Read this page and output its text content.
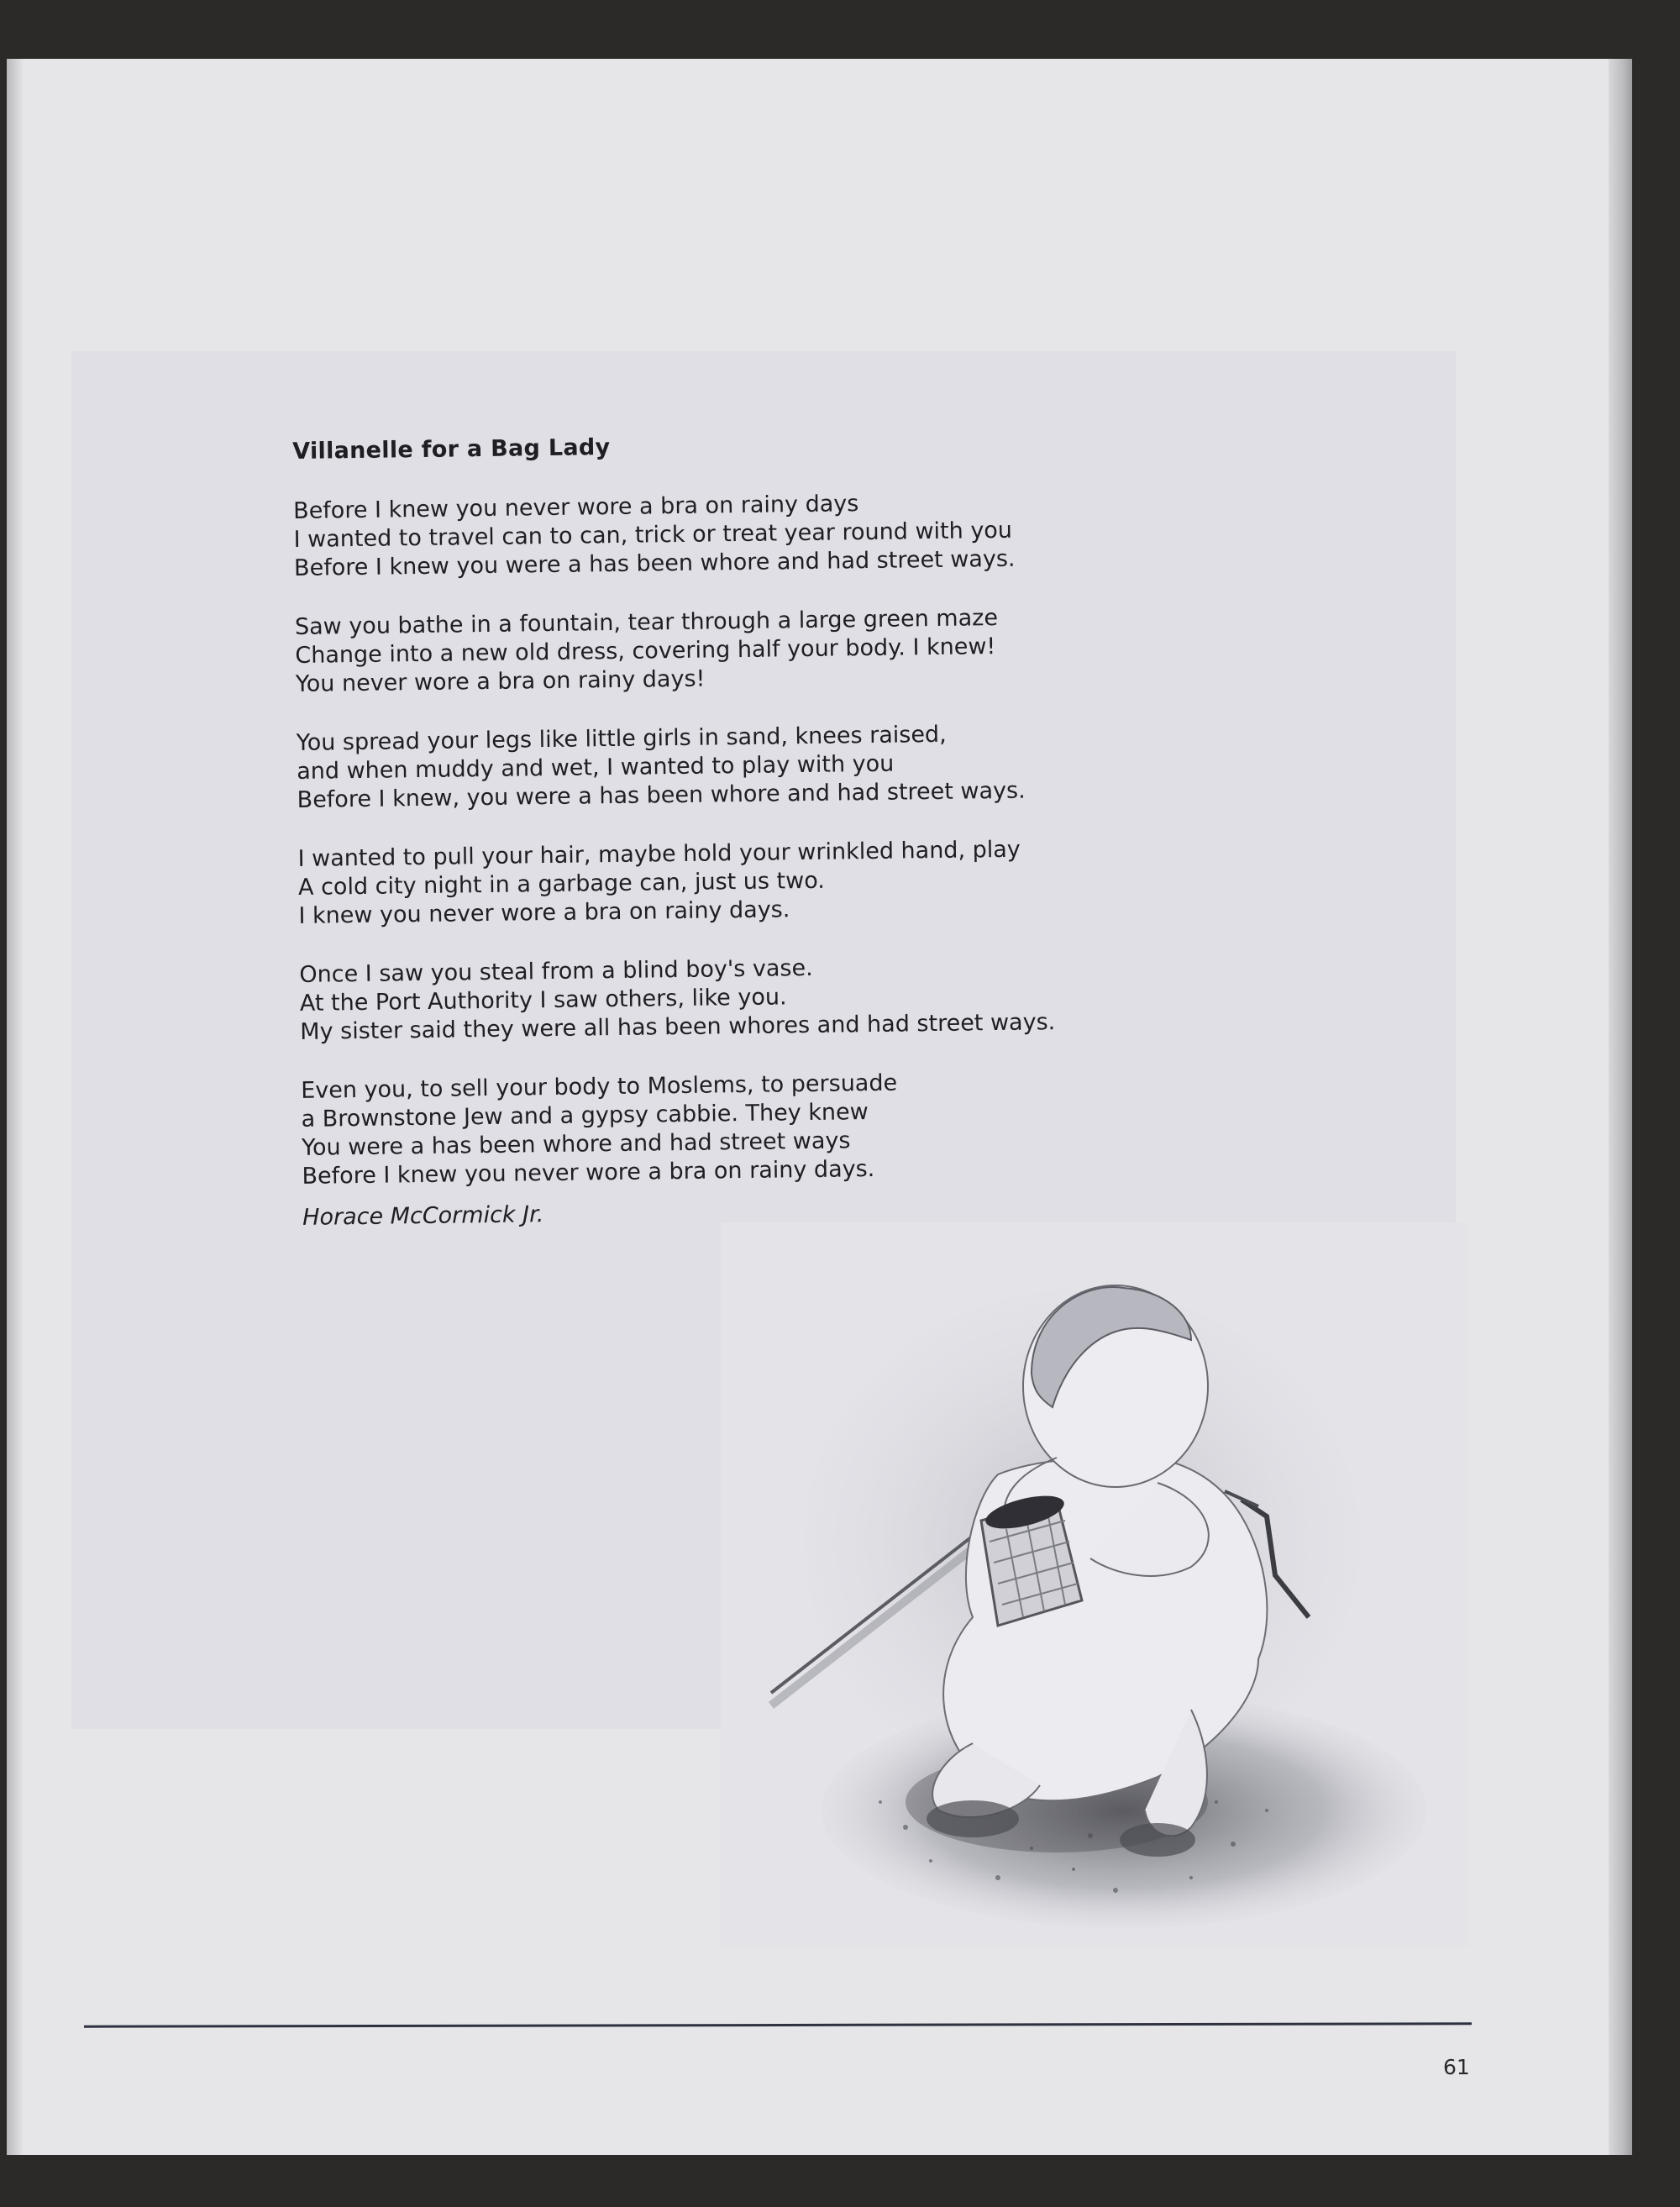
Villanelle for a Bag Lady
Before I knew you never wore a bra on rainy days
I wanted to travel can to can, trick or treat year round with you
Before I knew you were a has been whore and had street ways.
Saw you bathe in a fountain, tear through a large green maze
Change into a new old dress, covering half your body. I knew!
You never wore a bra on rainy days!
You spread your legs like little girls in sand, knees raised,
and when muddy and wet, I wanted to play with you
Before I knew, you were a has been whore and had street ways.
I wanted to pull your hair, maybe hold your wrinkled hand, play
A cold city night in a garbage can, just us two.
I knew you never wore a bra on rainy days.
Once I saw you steal from a blind boy's vase.
At the Port Authority I saw others, like you.
My sister said they were all has been whores and had street ways.
Even you, to sell your body to Moslems, to persuade
a Brownstone Jew and a gypsy cabbie. They knew
You were a has been whore and had street ways
Before I knew you never wore a bra on rainy days.
Horace McCormick Jr.
61
